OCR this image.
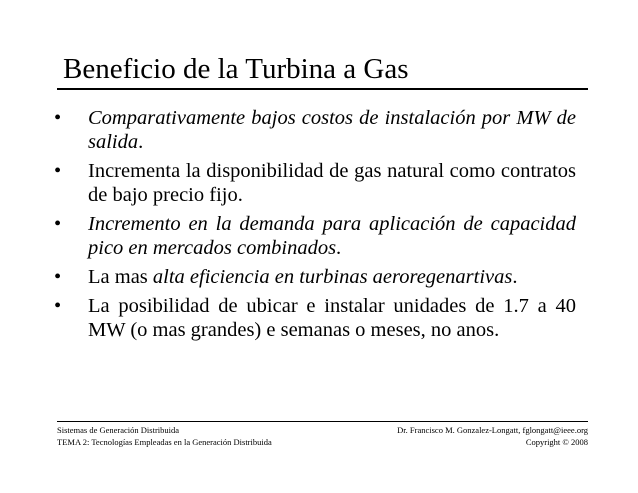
Beneficio de la Turbina a Gas
• Comparativamente bajos costos de instalación por MW de salida.
• Incrementa la disponibilidad de gas natural como contratos de bajo precio fijo.
• Incremento en la demanda para aplicación de capacidad pico en mercados combinados.
• La mas alta eficiencia en turbinas aeroregenartivas.
• La posibilidad de ubicar e instalar unidades de 1.7 a 40 MW (o mas grandes) e semanas o meses, no anos.
Sistemas de Generación Distribuida
TEMA 2: Tecnologías Empleadas en la Generación Distribuida
Dr. Francisco M. Gonzalez-Longatt, fglongatt@ieee.org
Copyright © 2008
